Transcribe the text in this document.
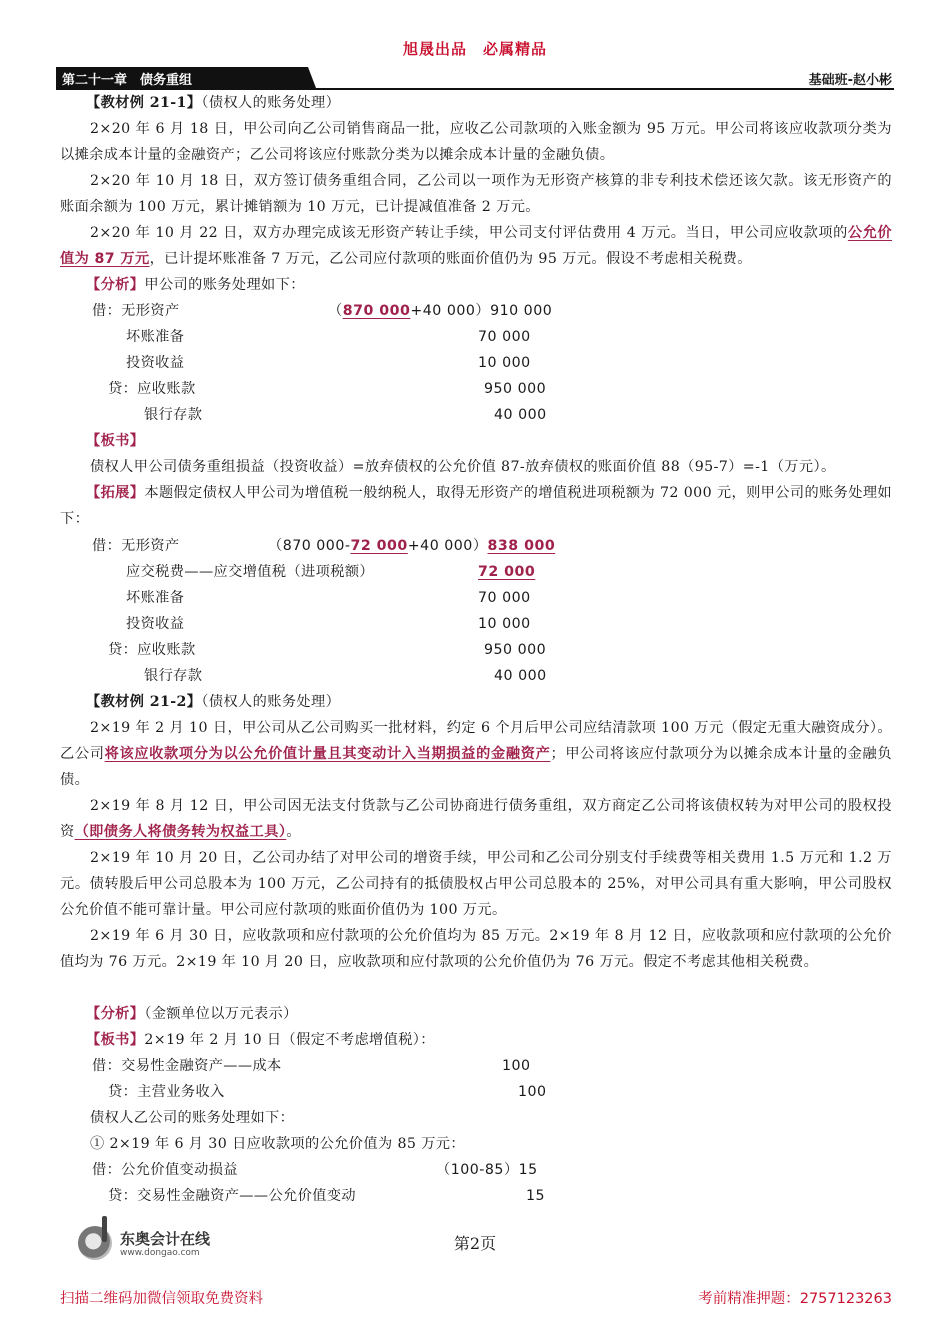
旭晟出品　必属精品
第二十一章　债务重组	基础班-赵小彬
【教材例 21-1】（债权人的账务处理）
2×20 年 6 月 18 日，甲公司向乙公司销售商品一批，应收乙公司款项的入账金额为 95 万元。甲公司将该应收款项分类为以摊余成本计量的金融资产；乙公司将该应付账款分类为以摊余成本计量的金融负债。
2×20 年 10 月 18 日，双方签订债务重组合同，乙公司以一项作为无形资产核算的非专利技术偿还该欠款。该无形资产的账面余额为 100 万元，累计摊销额为 10 万元，已计提减值准备 2 万元。
2×20 年 10 月 22 日，双方办理完成该无形资产转让手续，甲公司支付评估费用 4 万元。当日，甲公司应收款项的公允价值为 87 万元，已计提坏账准备 7 万元，乙公司应付款项的账面价值仍为 95 万元。假设不考虑相关税费。
【分析】甲公司的账务处理如下：
借：无形资产	（870 000+40 000）910 000
坏账准备	70 000
投资收益	10 000
贷：应收账款	950 000
银行存款	40 000
【板书】
债权人甲公司债务重组损益（投资收益）=放弃债权的公允价值 87-放弃债权的账面价值 88（95-7）=-1（万元）。
【拓展】本题假定债权人甲公司为增值税一般纳税人，取得无形资产的增值税进项税额为 72 000 元，则甲公司的账务处理如下：
借：无形资产	（870 000-72 000+40 000）838 000
应交税费——应交增值税（进项税额）	72 000
坏账准备	70 000
投资收益	10 000
贷：应收账款	950 000
银行存款	40 000
【教材例 21-2】（债权人的账务处理）
2×19 年 2 月 10 日，甲公司从乙公司购买一批材料，约定 6 个月后甲公司应结清款项 100 万元（假定无重大融资成分）。乙公司将该应收款项分为以公允价值计量且其变动计入当期损益的金融资产；甲公司将该应付款项分为以摊余成本计量的金融负债。
2×19 年 8 月 12 日，甲公司因无法支付货款与乙公司协商进行债务重组，双方商定乙公司将该债权转为对甲公司的股权投资（即债务人将债务转为权益工具）。
2×19 年 10 月 20 日，乙公司办结了对甲公司的增资手续，甲公司和乙公司分别支付手续费等相关费用 1.5 万元和 1.2 万元。债转股后甲公司总股本为 100 万元，乙公司持有的抵债股权占甲公司总股本的 25%，对甲公司具有重大影响，甲公司股权公允价值不能可靠计量。甲公司应付款项的账面价值仍为 100 万元。
2×19 年 6 月 30 日，应收款项和应付款项的公允价值均为 85 万元。2×19 年 8 月 12 日，应收款项和应付款项的公允价值均为 76 万元。2×19 年 10 月 20 日，应收款项和应付款项的公允价值仍为 76 万元。假定不考虑其他相关税费。
【分析】（金额单位以万元表示）
【板书】2×19 年 2 月 10 日（假定不考虑增值税）：
借：交易性金融资产——成本	100
贷：主营业务收入	100
债权人乙公司的账务处理如下：
① 2×19 年 6 月 30 日应收款项的公允价值为 85 万元：
借：公允价值变动损益	（100-85）15
贷：交易性金融资产——公允价值变动	15
东奥会计在线
www.dongao.com	第2页
扫描二维码加微信领取免费资料	考前精准押题：2757123263
